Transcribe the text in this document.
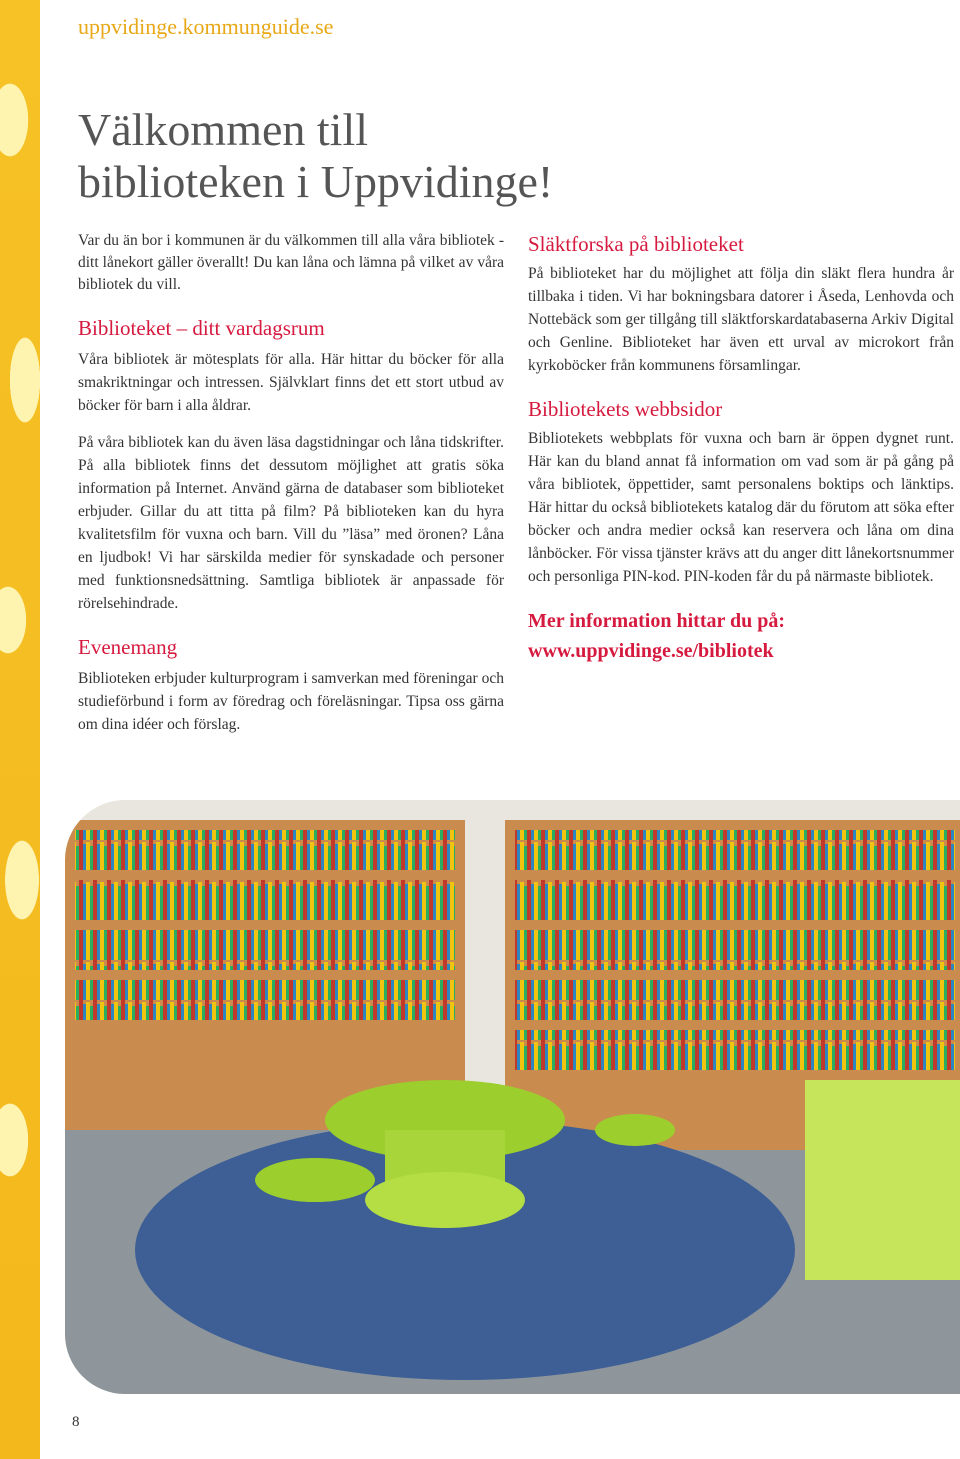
uppvidinge.kommunguide.se
Välkommen till
biblioteken i Uppvidinge!

Var du än bor i kommunen är du välkommen till alla våra bibliotek - ditt lånekort gäller överallt! Du kan låna och lämna på vilket av våra bibliotek du vill.

Biblioteket – ditt vardagsrum

Våra bibliotek är mötesplats för alla. Här hittar du böcker för alla smakriktningar och intressen. Självklart finns det ett stort utbud av böcker för barn i alla åldrar.

På våra bibliotek kan du även läsa dagstidningar och låna tidskrifter. På alla bibliotek finns det dessutom möjlighet att gratis söka information på Internet. Använd gärna de databaser som biblioteket erbjuder. Gillar du att titta på film? På biblioteken kan du hyra kvalitetsfilm för vuxna och barn. Vill du ”läsa” med öronen? Låna en ljudbok! Vi har särskilda medier för synskadade och personer med funktionsnedsättning. Samtliga bibliotek är anpassade för rörelsehindrade.

Evenemang

Biblioteken erbjuder kulturprogram i samverkan med föreningar och studieförbund i form av föredrag och föreläsningar. Tipsa oss gärna om dina idéer och förslag.

Släktforska på biblioteket

På biblioteket har du möjlighet att följa din släkt flera hundra år tillbaka i tiden. Vi har bokningsbara datorer i Åseda, Lenhovda och Nottebäck som ger tillgång till släktforskardatabaserna Arkiv Digital och Genline. Biblioteket har även ett urval av microkort från kyrkoböcker från kommunens församlingar.

Bibliotekets webbsidor

Bibliotekets webbplats för vuxna och barn är öppen dygnet runt. Här kan du bland annat få information om vad som är på gång på våra bibliotek, öppettider, samt personalens boktips och länktips. Här hittar du också bibliotekets katalog där du förutom att söka efter böcker och andra medier också kan reservera och låna om dina lånböcker. För vissa tjänster krävs att du anger ditt lånekortsnummer och personliga PIN-kod. PIN-koden får du på närmaste bibliotek.

Mer information hittar du på:

www.uppvidinge.se/bibliotek

8
